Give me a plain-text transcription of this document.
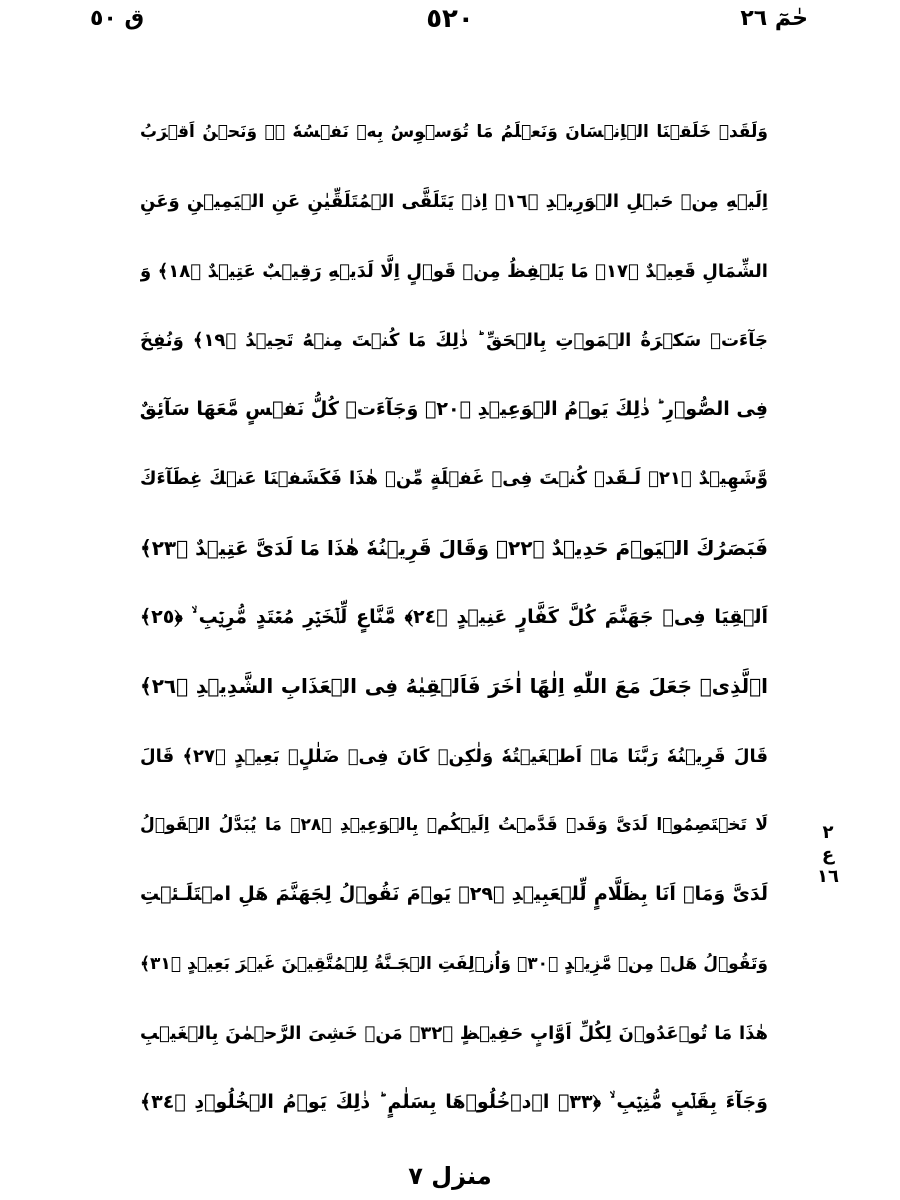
ق ٥٠	٥٢٠	حٰمٓ ٢٦
وَلَقَدۡ خَلَقۡنَا الۡاِنۡسَانَ وَنَعۡلَمُ مَا تُوَسۡوِسُ بِهٖ نَفۡسُهٗ ۖۚ وَنَحۡنُ اَقۡرَبُ
اِلَيۡهِ مِنۡ حَبۡلِ الۡوَرِيۡدِ ﴿١٦﴾ اِذۡ يَتَلَقَّى الۡمُتَلَقِّيٰنِ عَنِ الۡيَمِيۡنِ وَعَنِ
الشِّمَالِ قَعِيۡدٌ ﴿١٧﴾ مَا يَلۡفِظُ مِنۡ قَوۡلٍ اِلَّا لَدَيۡهِ رَقِيۡبٌ عَتِيۡدٌ ﴿١٨﴾ وَ
جَآءَتۡ سَكۡرَةُ الۡمَوۡتِ بِالۡحَقِّ ؕ ذٰلِكَ مَا كُنۡتَ مِنۡهُ تَحِيۡدُ ﴿١٩﴾ وَنُفِخَ
فِى الصُّوۡرِ ؕ ذٰلِكَ يَوۡمُ الۡوَعِيۡدِ ﴿٢٠﴾ وَجَآءَتۡ كُلُّ نَفۡسٍ مَّعَهَا سَآئِقٌ
وَّشَهِيۡدٌ ﴿٢١﴾ لَـقَدۡ كُنۡتَ فِىۡ غَفۡلَةٍ مِّنۡ هٰذَا فَكَشَفۡنَا عَنۡكَ غِطَآءَكَ
فَبَصَرُكَ الۡيَوۡمَ حَدِيۡدٌ ﴿٢٢﴾ وَقَالَ قَرِيۡنُهٗ هٰذَا مَا لَدَىَّ عَتِيۡدٌ ﴿٢٣﴾
اَلۡقِيَا فِىۡ جَهَنَّمَ كُلَّ كَفَّارٍ عَنِيۡدٍ ﴿٢٤﴾ مَّنَّاعٍ لِّلۡخَيۡرِ مُعۡتَدٍ مُّرِيۡبِ ۙ ﴿٢٥﴾
اۨلَّذِىۡ جَعَلَ مَعَ اللّٰهِ اِلٰهًا اٰخَرَ فَاَلۡقِيٰهُ فِى الۡعَذَابِ الشَّدِيۡدِ ﴿٢٦﴾
قَالَ قَرِيۡنُهٗ رَبَّنَا مَاۤ اَطۡغَيۡتُهٗ وَلٰكِنۡ كَانَ فِىۡ ضَلٰلٍۢ بَعِيۡدٍ ﴿٢٧﴾ قَالَ
لَا تَخۡتَصِمُوۡا لَدَىَّ وَقَدۡ قَدَّمۡتُ اِلَيۡكُمۡ بِالۡوَعِيۡدِ ﴿٢٨﴾ مَا يُبَدَّلُ الۡقَوۡلُ
لَدَىَّ وَمَاۤ اَنَا بِظَلَّامٍ لِّلۡعَبِيۡدِ ﴿٢٩﴾ يَوۡمَ نَقُوۡلُ لِجَهَنَّمَ هَلِ امۡتَلَـئۡتِ
وَتَقُوۡلُ هَلۡ مِنۡ مَّزِيۡدٍ ﴿٣٠﴾ وَاُزۡلِفَتِ الۡجَـنَّةُ لِلۡمُتَّقِيۡنَ غَيۡرَ بَعِيۡدٍ ﴿٣١﴾
هٰذَا مَا تُوۡعَدُوۡنَ لِكُلِّ اَوَّابٍ حَفِيۡظٍ ﴿٣٢﴾ مَنۡ خَشِىَ الرَّحۡمٰنَ بِالۡغَيۡبِ
وَجَآءَ بِقَلۡبٍ مُّنِيۡبِ ۙ ﴿٣٣﴾ اۨدۡخُلُوۡهَا بِسَلٰمٍ ؕ ذٰلِكَ يَوۡمُ الۡخُلُوۡدِ ﴿٣٤﴾
٢
ع
١٦
منزل ٧
